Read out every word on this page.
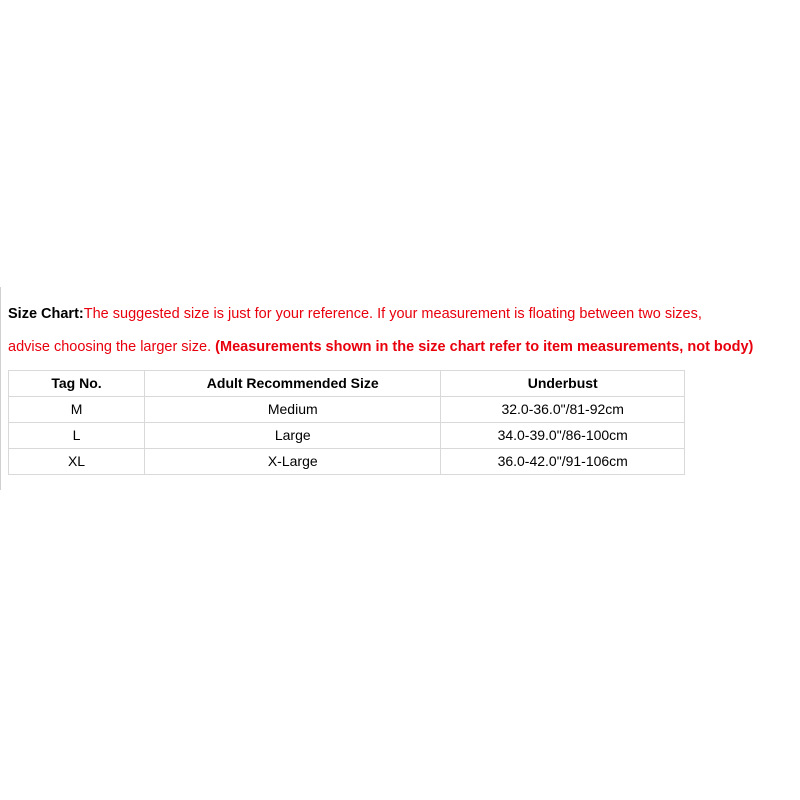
Size Chart:The suggested size is just for your reference. If your measurement is floating between two sizes,
advise choosing the larger size. (Measurements shown in the size chart refer to item measurements, not body)
Tag No.	Adult Recommended Size	Underbust
M	Medium	32.0-36.0"/81-92cm
L	Large	34.0-39.0"/86-100cm
XL	X-Large	36.0-42.0"/91-106cm
